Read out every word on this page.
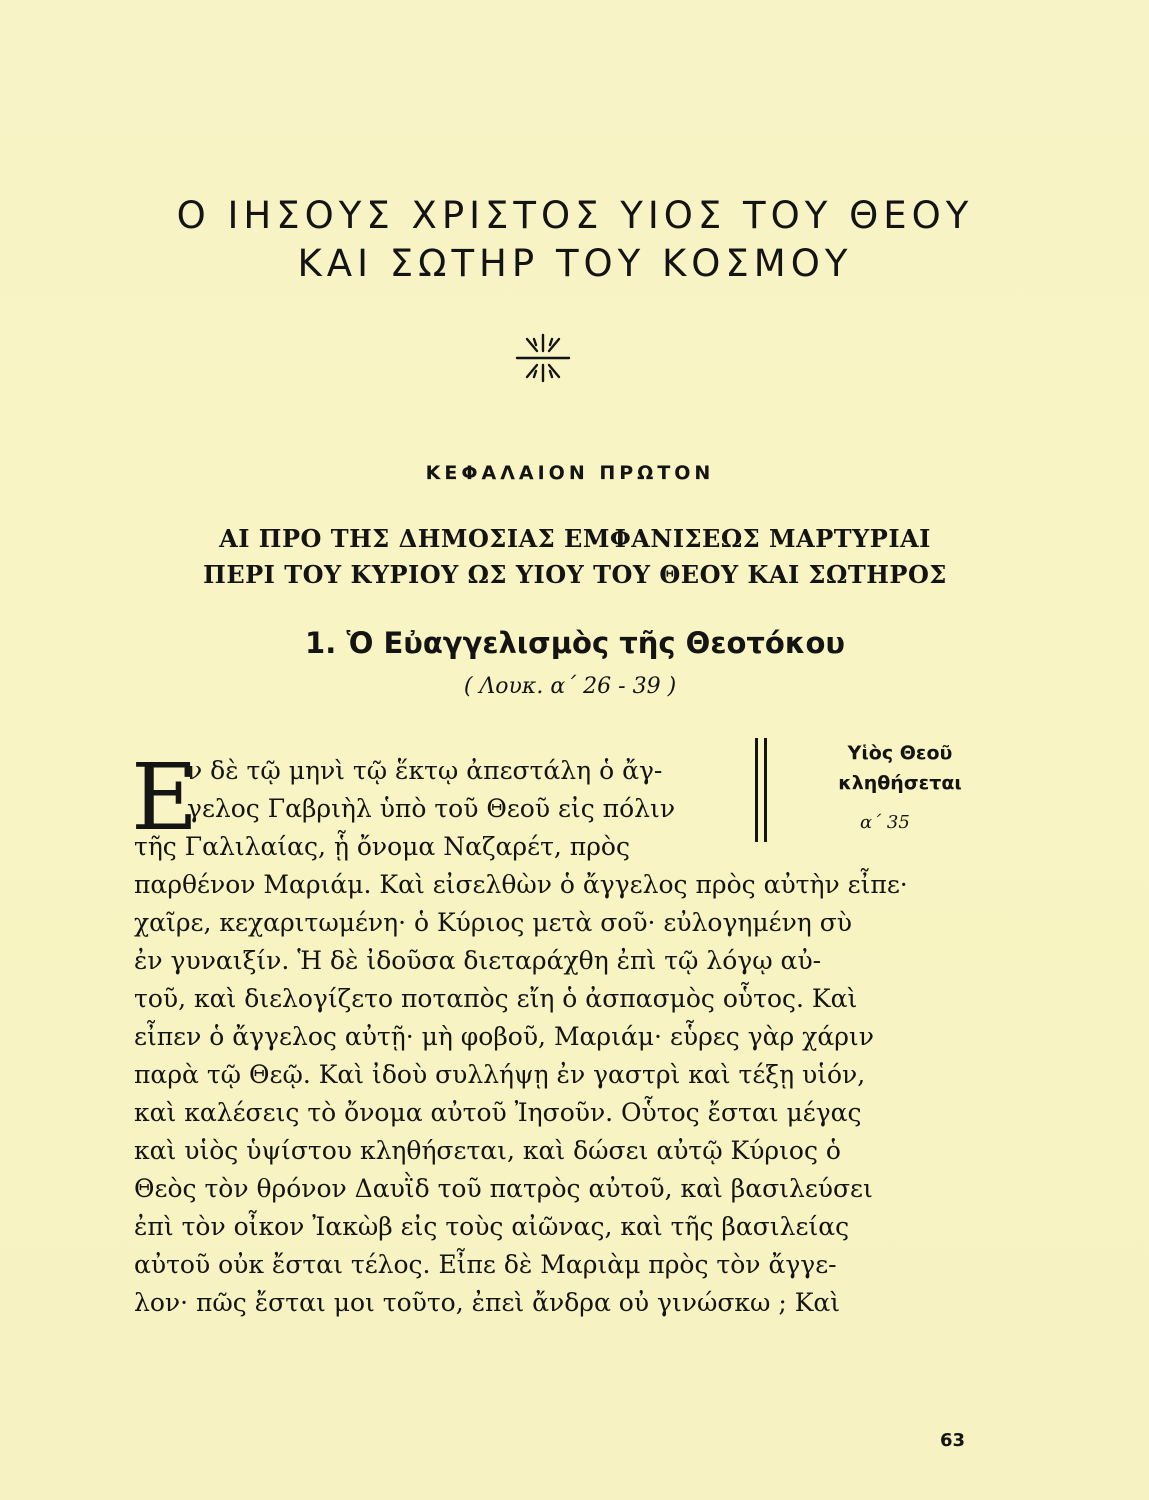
Ο ΙΗΣΟΥΣ ΧΡΙΣΤΟΣ ΥΙΟΣ ΤΟΥ ΘΕΟΥ
ΚΑΙ ΣΩΤΗΡ ΤΟΥ ΚΟΣΜΟΥ
ΚΕΦΑΛΑΙΟΝ ΠΡΩΤΟΝ
ΑΙ ΠΡΟ ΤΗΣ ΔΗΜΟΣΙΑΣ ΕΜΦΑΝΙΣΕΩΣ ΜΑΡΤΥΡΙΑΙ
ΠΕΡΙ ΤΟΥ ΚΥΡΙΟΥ ΩΣ ΥΙΟΥ ΤΟΥ ΘΕΟΥ ΚΑΙ ΣΩΤΗΡΟΣ
1. Ὁ Εὐαγγελισμὸς τῆς Θεοτόκου
( Λουκ. α΄ 26 - 39 )
Ε
ν δὲ τῷ μηνὶ τῷ ἕκτῳ ἀπεστάλη ὁ ἄγ-
γελος Γαβριὴλ ὑπὸ τοῦ Θεοῦ εἰς πόλιν
τῆς Γαλιλαίας, ᾗ ὄνομα Ναζαρέτ, πρὸς
παρθένον Μαριάμ. Καὶ εἰσελθὼν ὁ ἄγγελος πρὸς αὐτὴν εἶπε·
χαῖρε, κεχαριτωμένη· ὁ Κύριος μετὰ σοῦ· εὐλογημένη σὺ
ἐν γυναιξίν. Ἡ δὲ ἰδοῦσα διεταράχθη ἐπὶ τῷ λόγῳ αὐ-
τοῦ, καὶ διελογίζετο ποταπὸς εἴη ὁ ἀσπασμὸς οὗτος. Καὶ
εἶπεν ὁ ἄγγελος αὐτῇ· μὴ φοβοῦ, Μαριάμ· εὗρες γὰρ χάριν
παρὰ τῷ Θεῷ. Καὶ ἰδοὺ συλλήψῃ ἐν γαστρὶ καὶ τέξῃ υἱόν,
καὶ καλέσεις τὸ ὄνομα αὐτοῦ Ἰησοῦν. Οὗτος ἔσται μέγας
καὶ υἱὸς ὑψίστου κληθήσεται, καὶ δώσει αὐτῷ Κύριος ὁ
Θεὸς τὸν θρόνον Δαυῒδ τοῦ πατρὸς αὐτοῦ, καὶ βασιλεύσει
ἐπὶ τὸν οἶκον Ἰακὼβ εἰς τοὺς αἰῶνας, καὶ τῆς βασιλείας
αὐτοῦ οὐκ ἔσται τέλος. Εἶπε δὲ Μαριὰμ πρὸς τὸν ἄγγε-
λον· πῶς ἔσται μοι τοῦτο, ἐπεὶ ἄνδρα οὐ γινώσκω ; Καὶ
Υἱὸς Θεοῦ
κληθήσεται
α΄ 35
63
